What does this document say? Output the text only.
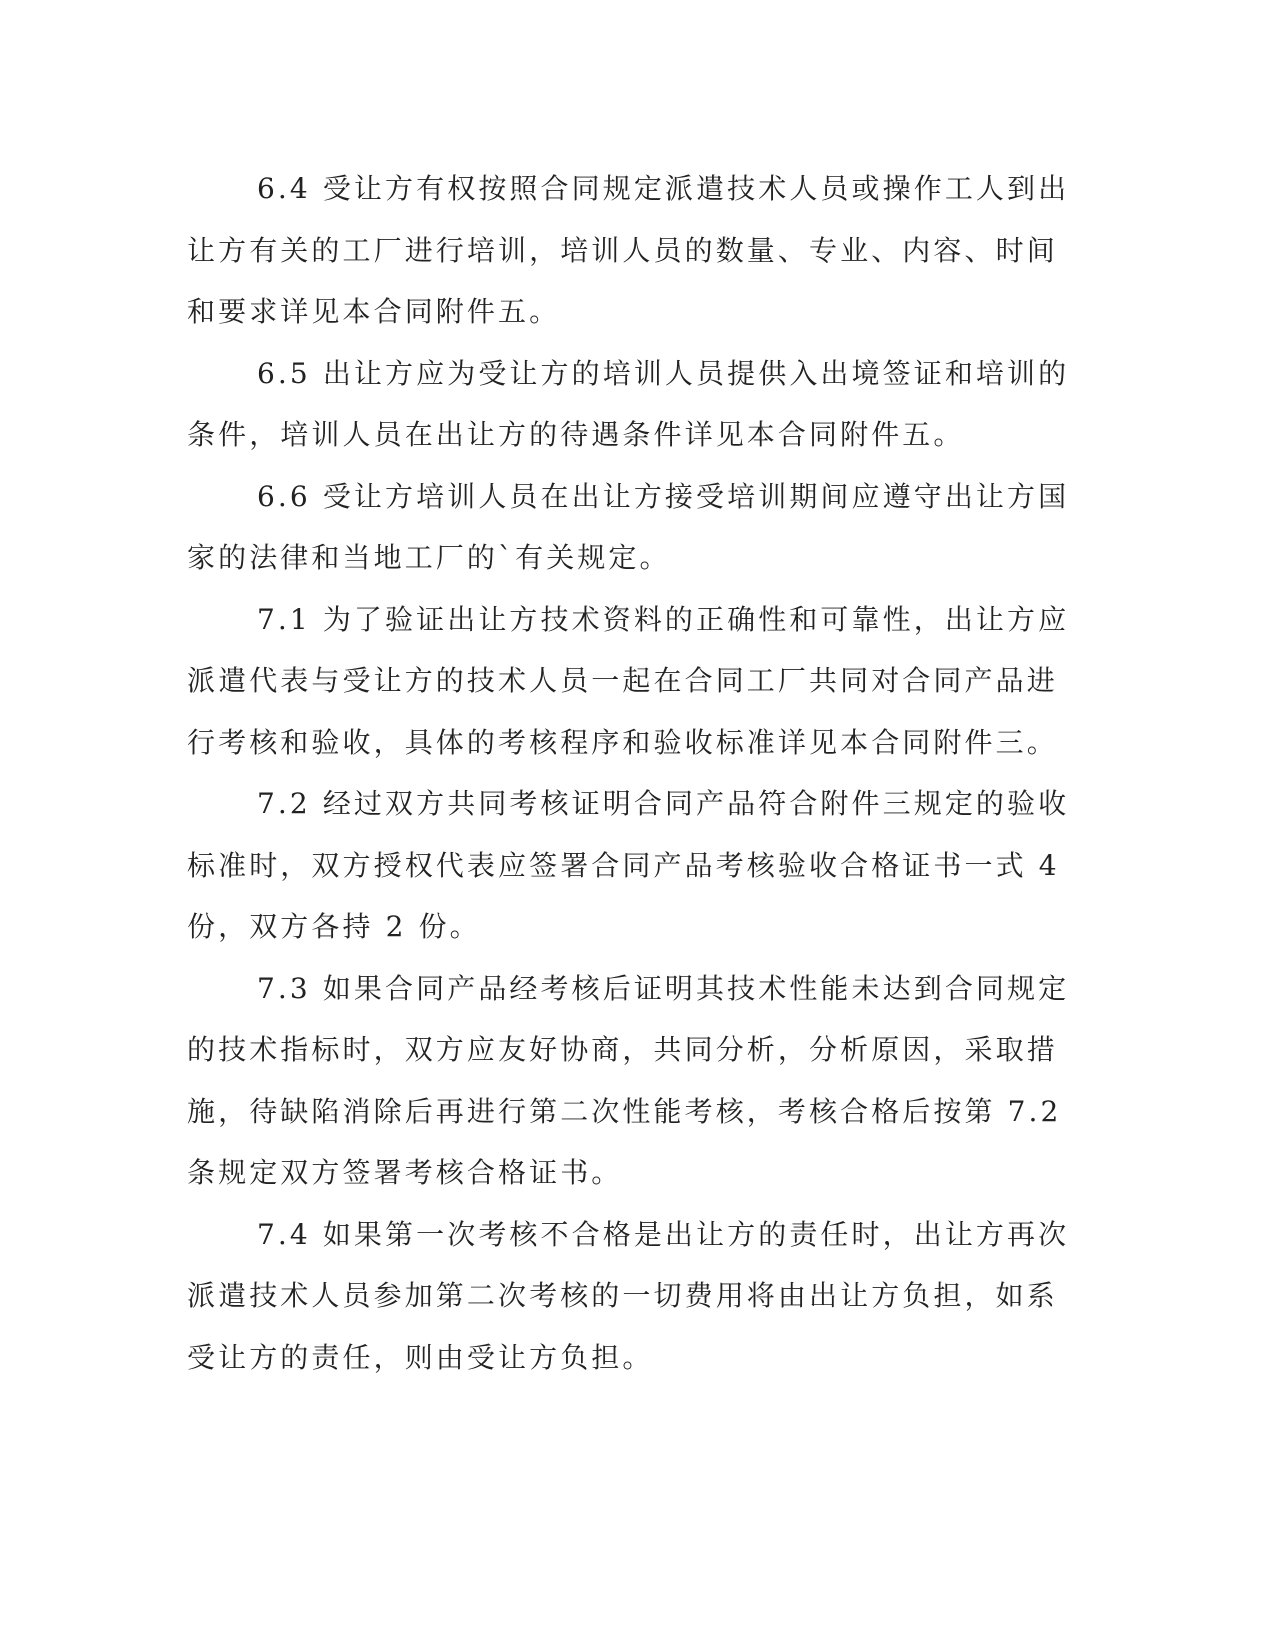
6.4 受让方有权按照合同规定派遣技术人员或操作工人到出让方有关的工厂进行培训，培训人员的数量、专业、内容、时间和要求详见本合同附件五。

6.5 出让方应为受让方的培训人员提供入出境签证和培训的条件，培训人员在出让方的待遇条件详见本合同附件五。

6.6 受让方培训人员在出让方接受培训期间应遵守出让方国家的法律和当地工厂的`有关规定。

7.1 为了验证出让方技术资料的正确性和可靠性，出让方应派遣代表与受让方的技术人员一起在合同工厂共同对合同产品进行考核和验收，具体的考核程序和验收标准详见本合同附件三。

7.2 经过双方共同考核证明合同产品符合附件三规定的验收标准时，双方授权代表应签署合同产品考核验收合格证书一式 4 份，双方各持 2 份。

7.3 如果合同产品经考核后证明其技术性能未达到合同规定的技术指标时，双方应友好协商，共同分析，分析原因，采取措施，待缺陷消除后再进行第二次性能考核，考核合格后按第 7.2 条规定双方签署考核合格证书。

7.4 如果第一次考核不合格是出让方的责任时，出让方再次派遣技术人员参加第二次考核的一切费用将由出让方负担，如系受让方的责任，则由受让方负担。
